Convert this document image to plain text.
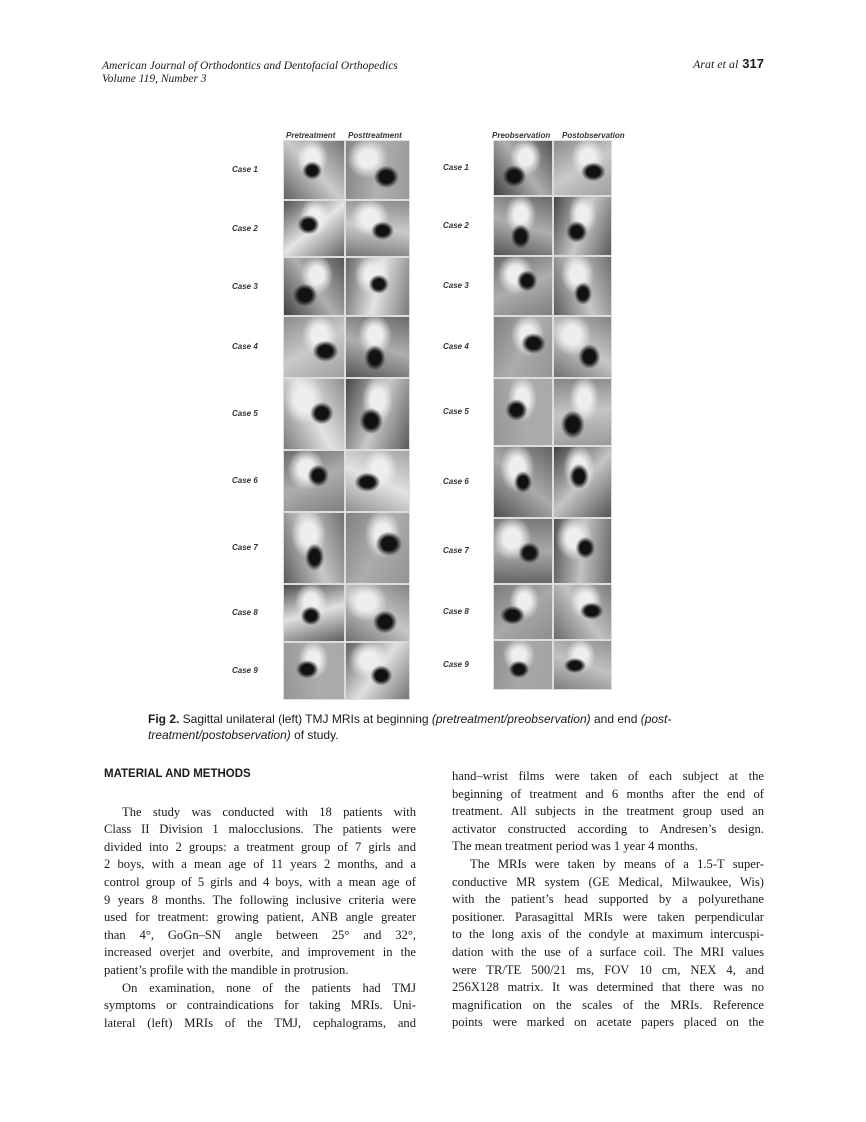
American Journal of Orthodontics and Dentofacial Orthopedics
Volume 119, Number 3
Arat et al 317
Pretreatment Posttreatment	Preobservation Postobservation
Case 1	Case 1
Case 2	Case 2
Case 3	Case 3
Case 4	Case 4
Case 5	Case 5
Case 6	Case 6
Case 7	Case 7
Case 8	Case 8
Case 9
Case 9
Fig 2. Sagittal unilateral (left) TMJ MRIs at beginning (pretreatment/preobservation) and end (post-treatment/postobservation) of study.
MATERIAL AND METHODS
The study was conducted with 18 patients with
Class II Division 1 malocclusions. The patients were
divided into 2 groups: a treatment group of 7 girls and
2 boys, with a mean age of 11 years 2 months, and a
control group of 5 girls and 4 boys, with a mean age of
9 years 8 months. The following inclusive criteria were
used for treatment: growing patient, ANB angle greater
than 4°, GoGn–SN angle between 25° and 32°,
increased overjet and overbite, and improvement in the
patient’s profile with the mandible in protrusion.
On examination, none of the patients had TMJ
symptoms or contraindications for taking MRIs. Uni-
lateral (left) MRIs of the TMJ, cephalograms, and
hand–wrist films were taken of each subject at the
beginning of treatment and 6 months after the end of
treatment. All subjects in the treatment group used an
activator constructed according to Andresen’s design.
The mean treatment period was 1 year 4 months.
The MRIs were taken by means of a 1.5-T super-
conductive MR system (GE Medical, Milwaukee, Wis)
with the patient’s head supported by a polyurethane
positioner. Parasagittal MRIs were taken perpendicular
to the long axis of the condyle at maximum intercuspi-
dation with the use of a surface coil. The MRI values
were TR/TE 500/21 ms, FOV 10 cm, NEX 4, and
256X128 matrix. It was determined that there was no
magnification on the scales of the MRIs. Reference
points were marked on acetate papers placed on the
